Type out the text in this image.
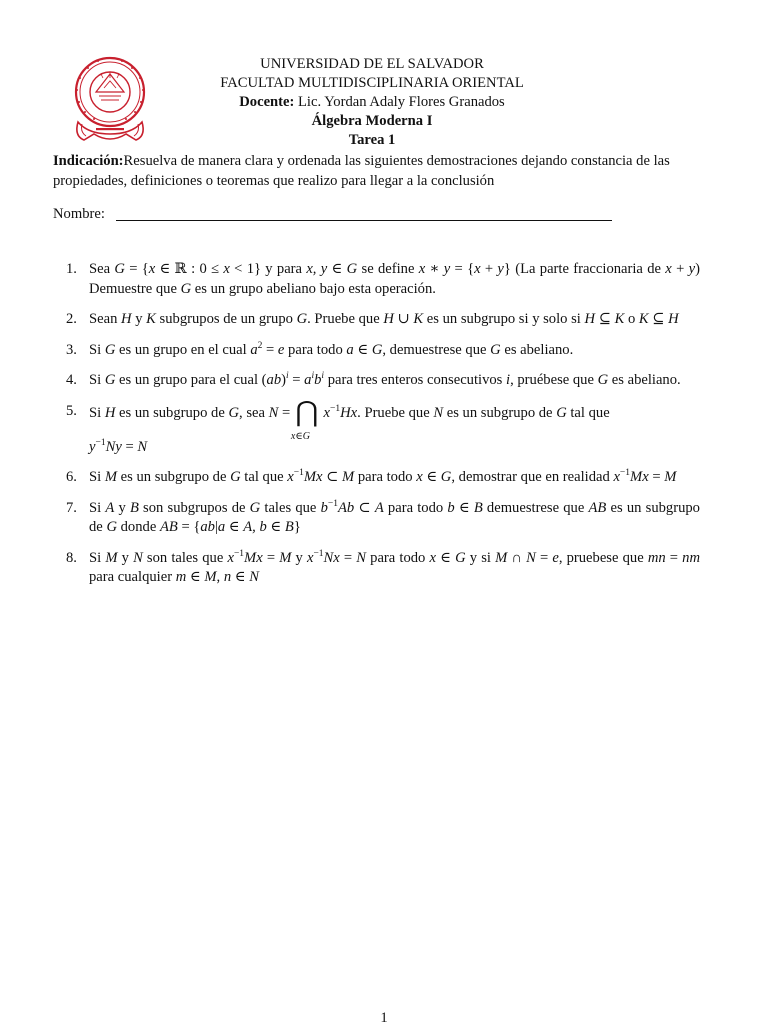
UNIVERSIDAD DE EL SALVADOR
FACULTAD MULTIDISCIPLINARIA ORIENTAL
Docente: Lic. Yordan Adaly Flores Granados
Álgebra Moderna I
Tarea 1
Indicación:Resuelva de manera clara y ordenada las siguientes demostraciones dejando constancia de las propiedades, definiciones o teoremas que realizo para llegar a la conclusión
Nombre:
1. Sea G = {x ∈ ℝ : 0 ≤ x < 1} y para x, y ∈ G se define x ∗ y = {x + y} (La parte fraccionaria de x + y) Demuestre que G es un grupo abeliano bajo esta operación.
2. Sean H y K subgrupos de un grupo G. Pruebe que H ∪ K es un subgrupo si y solo si H ⊆ K o K ⊆ H
3. Si G es un grupo en el cual $a^2 = e$ para todo a ∈ G, demuestrese que G es abeliano.
4. Si G es un grupo para el cual $(ab)^i = a^ib^i$ para tres enteros consecutivos i, pruébese que G es abeliano.
5. Si H es un subgrupo de G, sea N = ⋂
x∈G
$x^{-1}Hx$. Pruebe que N es un subgrupo de G tal que
$y^{-1}Ny = N$
6. Si M es un subgrupo de G tal que $x^{-1}Mx$ ⊂ M para todo x ∈ G, demostrar que en realidad $x^{-1}Mx = M$
7. Si A y B son subgrupos de G tales que $b^{-1}Ab$ ⊂ A para todo b ∈ B demuestrese que AB es un subgrupo de G donde AB = {ab|a ∈ A, b ∈ B}
8. Si M y N son tales que $x^{-1}Mx = M$ y $x^{-1}Nx = N$ para todo x ∈ G y si M ∩ N = e, pruebese que mn = nm para cualquier m ∈ M, n ∈ N
1
